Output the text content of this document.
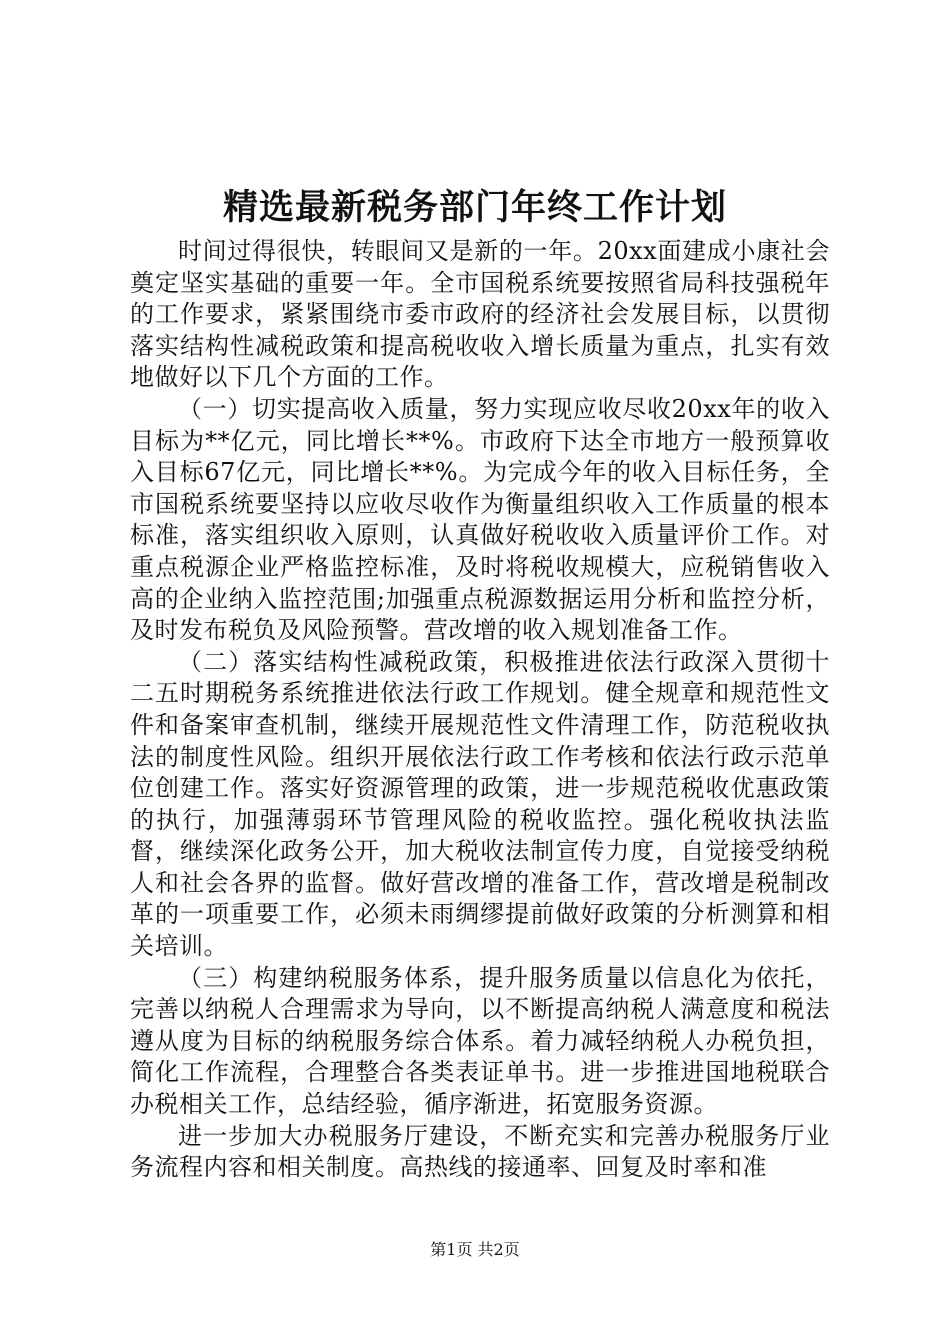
精选最新税务部门年终工作计划

时间过得很快，转眼间又是新的一年。20xx面建成小康社会奠定坚实基础的重要一年。全市国税系统要按照省局科技强税年的工作要求，紧紧围绕市委市政府的经济社会发展目标，以贯彻落实结构性减税政策和提高税收收入增长质量为重点，扎实有效地做好以下几个方面的工作。

（一）切实提高收入质量，努力实现应收尽收20xx年的收入目标为**亿元，同比增长**%。市政府下达全市地方一般预算收入目标67亿元，同比增长**%。为完成今年的收入目标任务，全市国税系统要坚持以应收尽收作为衡量组织收入工作质量的根本标准，落实组织收入原则，认真做好税收收入质量评价工作。对重点税源企业严格监控标准，及时将税收规模大，应税销售收入高的企业纳入监控范围;加强重点税源数据运用分析和监控分析，及时发布税负及风险预警。营改增的收入规划准备工作。

（二）落实结构性减税政策，积极推进依法行政深入贯彻十二五时期税务系统推进依法行政工作规划。健全规章和规范性文件和备案审查机制，继续开展规范性文件清理工作，防范税收执法的制度性风险。组织开展依法行政工作考核和依法行政示范单位创建工作。落实好资源管理的政策，进一步规范税收优惠政策的执行，加强薄弱环节管理风险的税收监控。强化税收执法监督，继续深化政务公开，加大税收法制宣传力度，自觉接受纳税人和社会各界的监督。做好营改增的准备工作，营改增是税制改革的一项重要工作，必须未雨绸缪提前做好政策的分析测算和相关培训。

（三）构建纳税服务体系，提升服务质量以信息化为依托，完善以纳税人合理需求为导向，以不断提高纳税人满意度和税法遵从度为目标的纳税服务综合体系。着力减轻纳税人办税负担，简化工作流程，合理整合各类表证单书。进一步推进国地税联合办税相关工作，总结经验，循序渐进，拓宽服务资源。

进一步加大办税服务厅建设，不断充实和完善办税服务厅业务流程内容和相关制度。高热线的接通率、回复及时率和准

第1页 共2页
